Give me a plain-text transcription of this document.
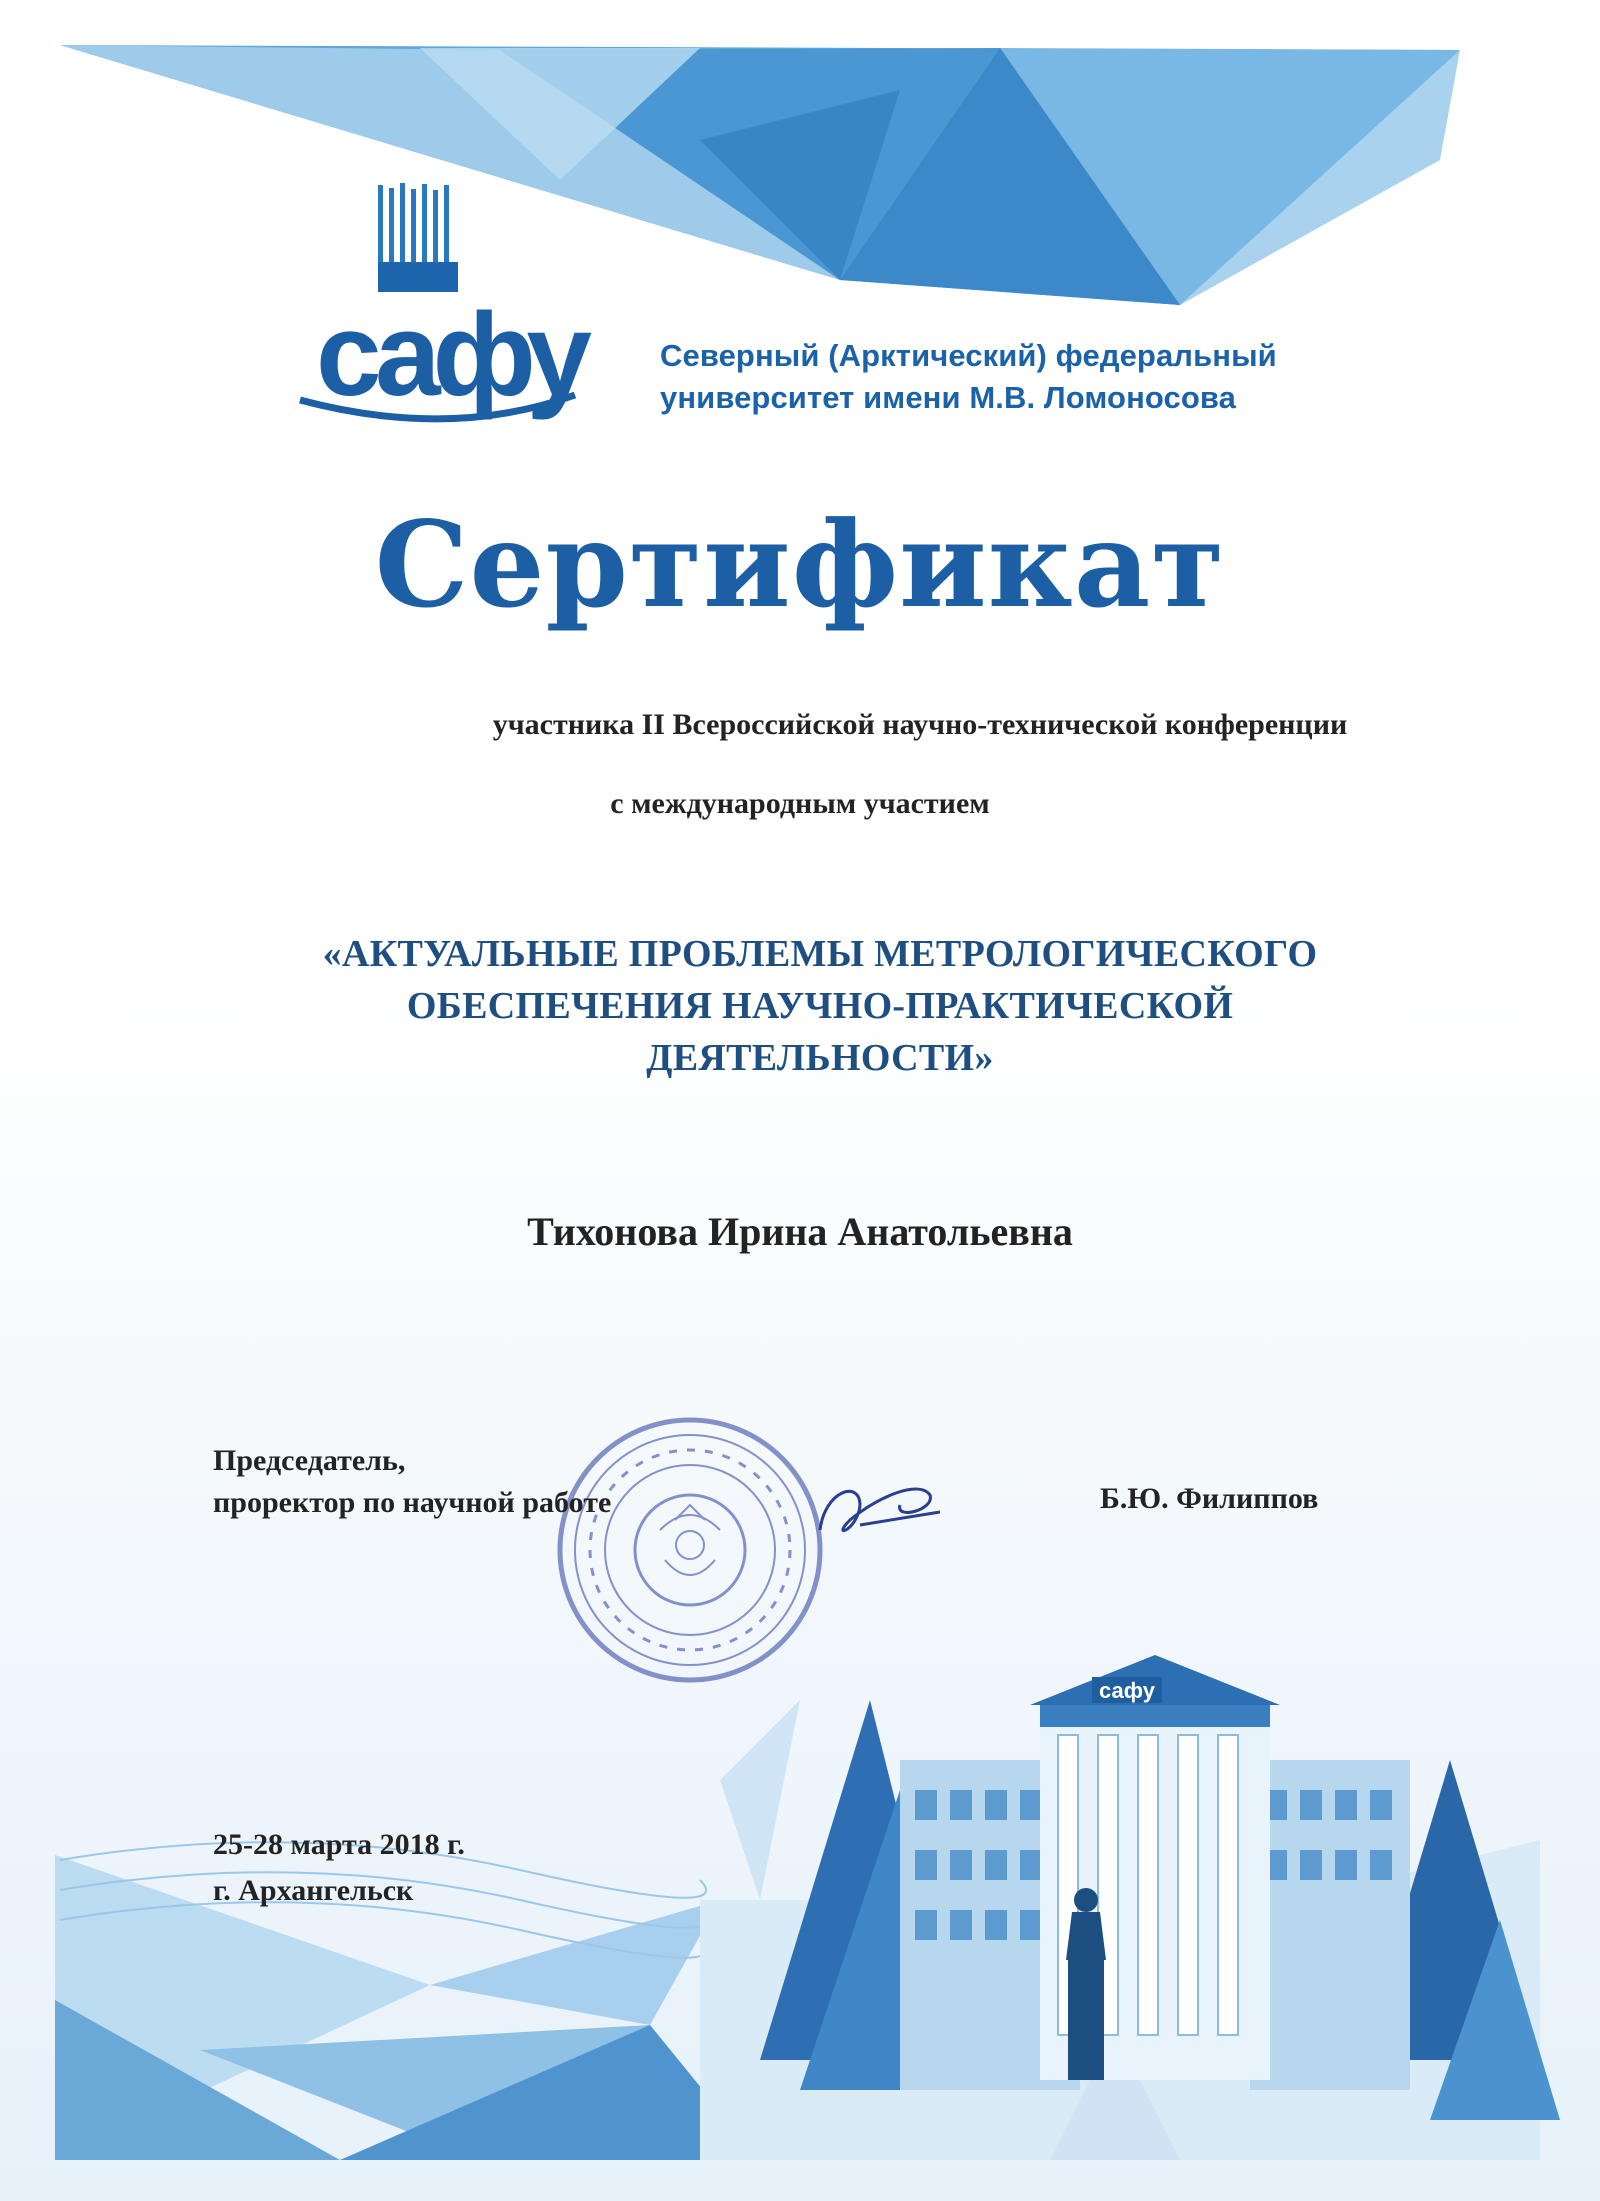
сафу
сафу
Северный (Арктический) федеральный
университет имени М.В. Ломоносова
Сертификат
участника II Всероссийской научно-технической конференции
с международным участием
«АКТУАЛЬНЫЕ ПРОБЛЕМЫ МЕТРОЛОГИЧЕСКОГО
ОБЕСПЕЧЕНИЯ НАУЧНО-ПРАКТИЧЕСКОЙ
ДЕЯТЕЛЬНОСТИ»
Тихонова Ирина Анатольевна
Председатель,
проректор по научной работе	Б.Ю. Филиппов
25-28 марта 2018 г.
г. Архангельск
